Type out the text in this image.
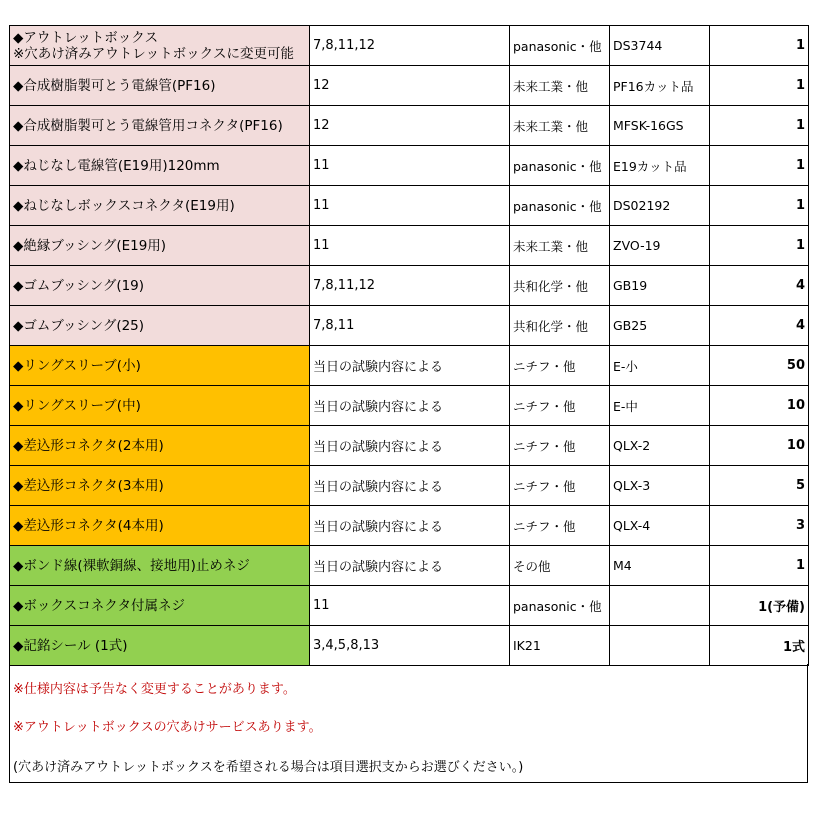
◆アウトレットボックス
※穴あけ済みアウトレットボックスに変更可能	7,8,11,12	panasonic・他	DS3744	1
◆合成樹脂製可とう電線管(PF16)	12	未来工業・他	PF16カット品	1
◆合成樹脂製可とう電線管用コネクタ(PF16)	12	未来工業・他	MFSK-16GS	1
◆ねじなし電線管(E19用)120mm	11	panasonic・他	E19カット品	1
◆ねじなしボックスコネクタ(E19用)	11	panasonic・他	DS02192	1
◆絶縁ブッシング(E19用)	11	未来工業・他	ZVO-19	1
◆ゴムブッシング(19)	7,8,11,12	共和化学・他	GB19	4
◆ゴムブッシング(25)	7,8,11	共和化学・他	GB25	4
◆リングスリーブ(小)	当日の試験内容による	ニチフ・他	E-小	50
◆リングスリーブ(中)	当日の試験内容による	ニチフ・他	E-中	10
◆差込形コネクタ(2本用)	当日の試験内容による	ニチフ・他	QLX-2	10
◆差込形コネクタ(3本用)	当日の試験内容による	ニチフ・他	QLX-3	5
◆差込形コネクタ(4本用)	当日の試験内容による	ニチフ・他	QLX-4	3
◆ボンド線(裸軟銅線、接地用)止めネジ	当日の試験内容による	その他	M4	1
◆ボックスコネクタ付属ネジ	11	panasonic・他		1(予備)
◆記銘シール (1式)	3,4,5,8,13	IK21		1式
※仕様内容は予告なく変更することがあります。
※アウトレットボックスの穴あけサービスあります。
(穴あけ済みアウトレットボックスを希望される場合は項目選択支からお選びください。)
